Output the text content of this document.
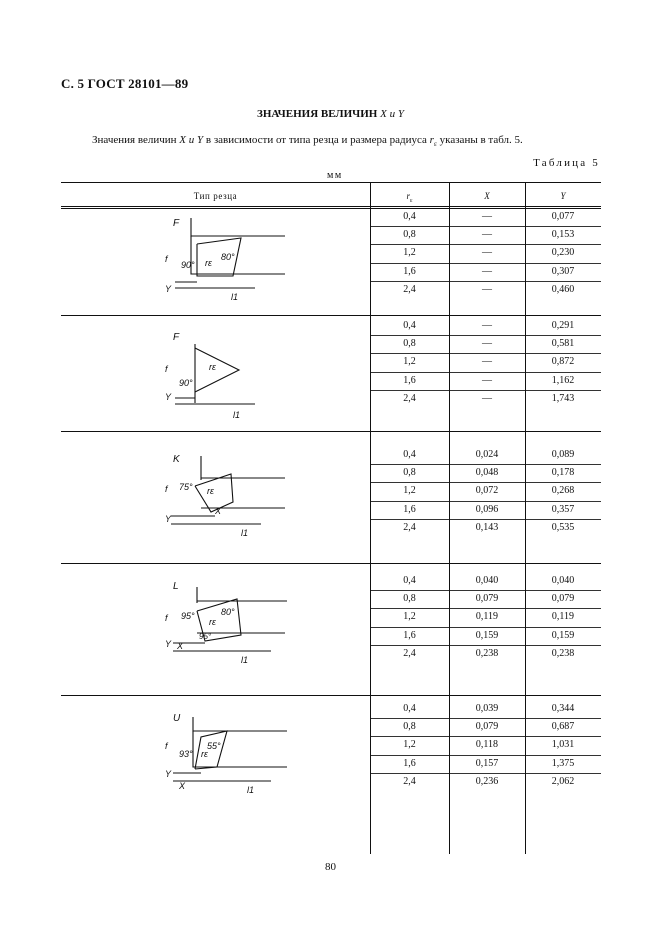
С. 5 ГОСТ 28101—89
ЗНАЧЕНИЯ ВЕЛИЧИН X и Y
Значения величин X и Y в зависимости от типа резца и размера радиуса $r_\varepsilon$ указаны в табл. 5.
Таблица 5
мм
Тип резца	$r_\varepsilon$	X	Y
0,4	—	0,077
0,8	—	0,153
1,2	—	0,230
1,6	—	0,307
2,4	—	0,460
0,4	—	0,291
0,8	—	0,581
1,2	—	0,872
1,6	—	1,162
2,4	—	1,743
0,4	0,024	0,089
0,8	0,048	0,178
1,2	0,072	0,268
1,6	0,096	0,357
2,4	0,143	0,535
0,4	0,040	0,040
0,8	0,079	0,079
1,2	0,119	0,119
1,6	0,159	0,159
2,4	0,238	0,238
0,4	0,039	0,344
0,8	0,079	0,687
1,2	0,118	1,031
1,6	0,157	1,375
2,4	0,236	2,062
F
90°
80°
rε
f
Y
l1
F
90°
rε
f
Y
l1
K
75° rε
f
X
Y
l1
L
95°	80°
95°
rε
f
X
Y
l1
U
93°
55°
rε
f
X
Y
l1
80
